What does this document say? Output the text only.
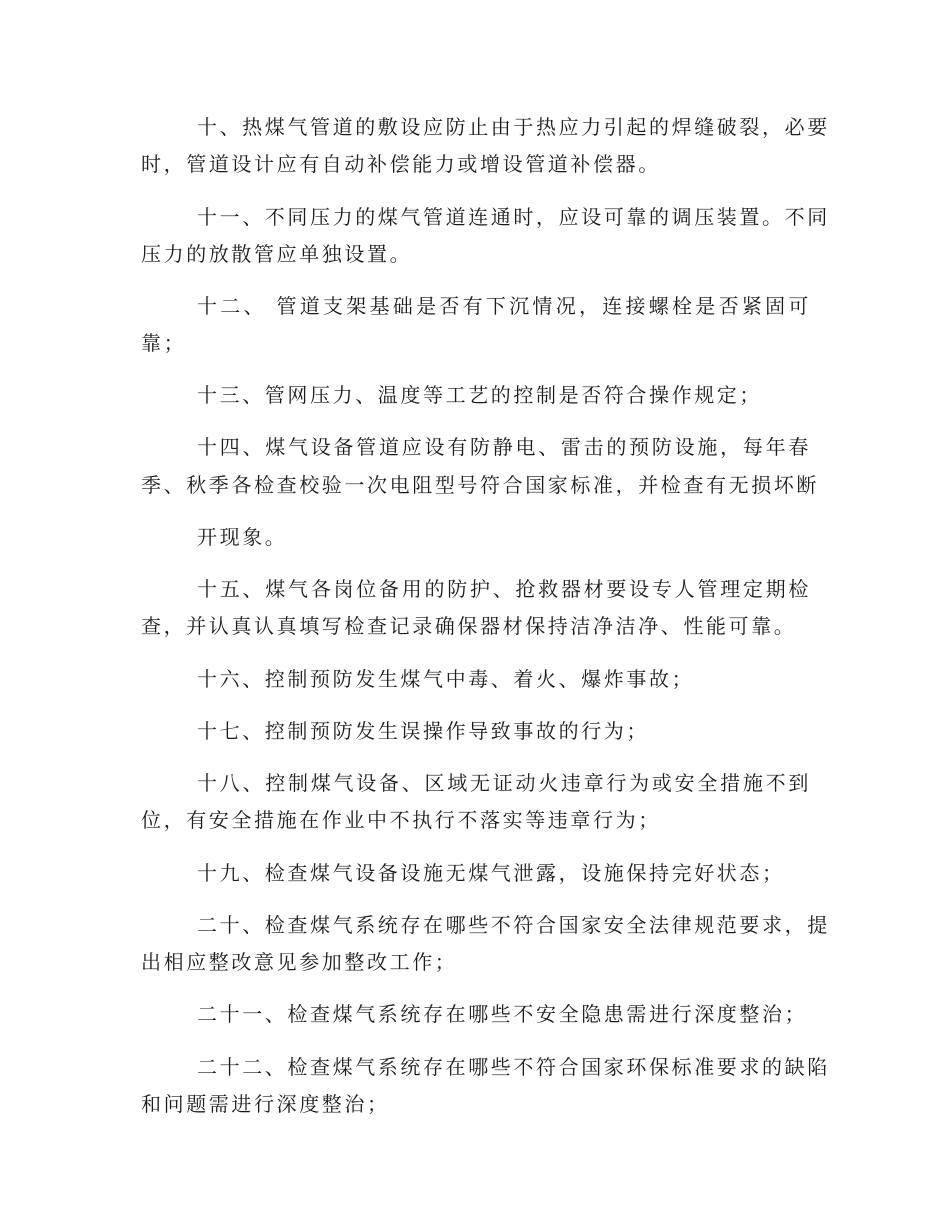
十、热煤气管道的敷设应防止由于热应力引起的焊缝破裂，必要
时，管道设计应有自动补偿能力或增设管道补偿器。
十一、不同压力的煤气管道连通时，应设可靠的调压装置。不同
压力的放散管应单独设置。
十二、 管道支架基础是否有下沉情况，连接螺栓是否紧固可
靠；
十三、管网压力、温度等工艺的控制是否符合操作规定；
十四、煤气设备管道应设有防静电、雷击的预防设施，每年春
季、秋季各检查校验一次电阻型号符合国家标准，并检查有无损坏断
开现象。
十五、煤气各岗位备用的防护、抢救器材要设专人管理定期检
查，并认真认真填写检查记录确保器材保持洁净洁净、性能可靠。
十六、控制预防发生煤气中毒、着火、爆炸事故；
十七、控制预防发生误操作导致事故的行为；
十八、控制煤气设备、区域无证动火违章行为或安全措施不到
位，有安全措施在作业中不执行不落实等违章行为；
十九、检查煤气设备设施无煤气泄露，设施保持完好状态；
二十、检查煤气系统存在哪些不符合国家安全法律规范要求，提
出相应整改意见参加整改工作；
二十一、检查煤气系统存在哪些不安全隐患需进行深度整治；
二十二、检查煤气系统存在哪些不符合国家环保标准要求的缺陷
和问题需进行深度整治；
